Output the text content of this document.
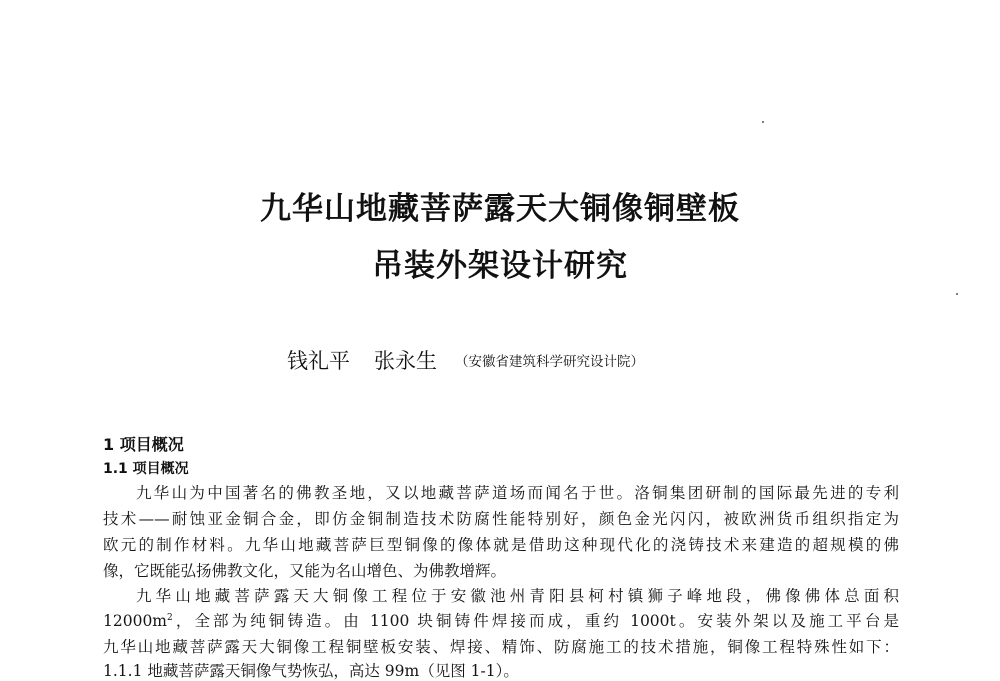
九华山地藏菩萨露天大铜像铜壁板
吊装外架设计研究
钱礼平 张永生 （安徽省建筑科学研究设计院）
1 项目概况
1.1 项目概况
九华山为中国著名的佛教圣地，又以地藏菩萨道场而闻名于世。洛铜集团研制的国际最先进的专利
技术——耐蚀亚金铜合金，即仿金铜制造技术防腐性能特别好，颜色金光闪闪，被欧洲货币组织指定为
欧元的制作材料。九华山地藏菩萨巨型铜像的像体就是借助这种现代化的浇铸技术来建造的超规模的佛
像，它既能弘扬佛教文化，又能为名山增色、为佛教增辉。
九华山地藏菩萨露天大铜像工程位于安徽池州青阳县柯村镇狮子峰地段，佛像佛体总面积
$12000m^2$，全部为纯铜铸造。由 1100 块铜铸件焊接而成，重约 1000t。安装外架以及施工平台是
九华山地藏菩萨露天大铜像工程铜壁板安装、焊接、精饰、防腐施工的技术措施，铜像工程特殊性如下：
1.1.1 地藏菩萨露天铜像气势恢弘，高达 99m（见图 1-1）。
